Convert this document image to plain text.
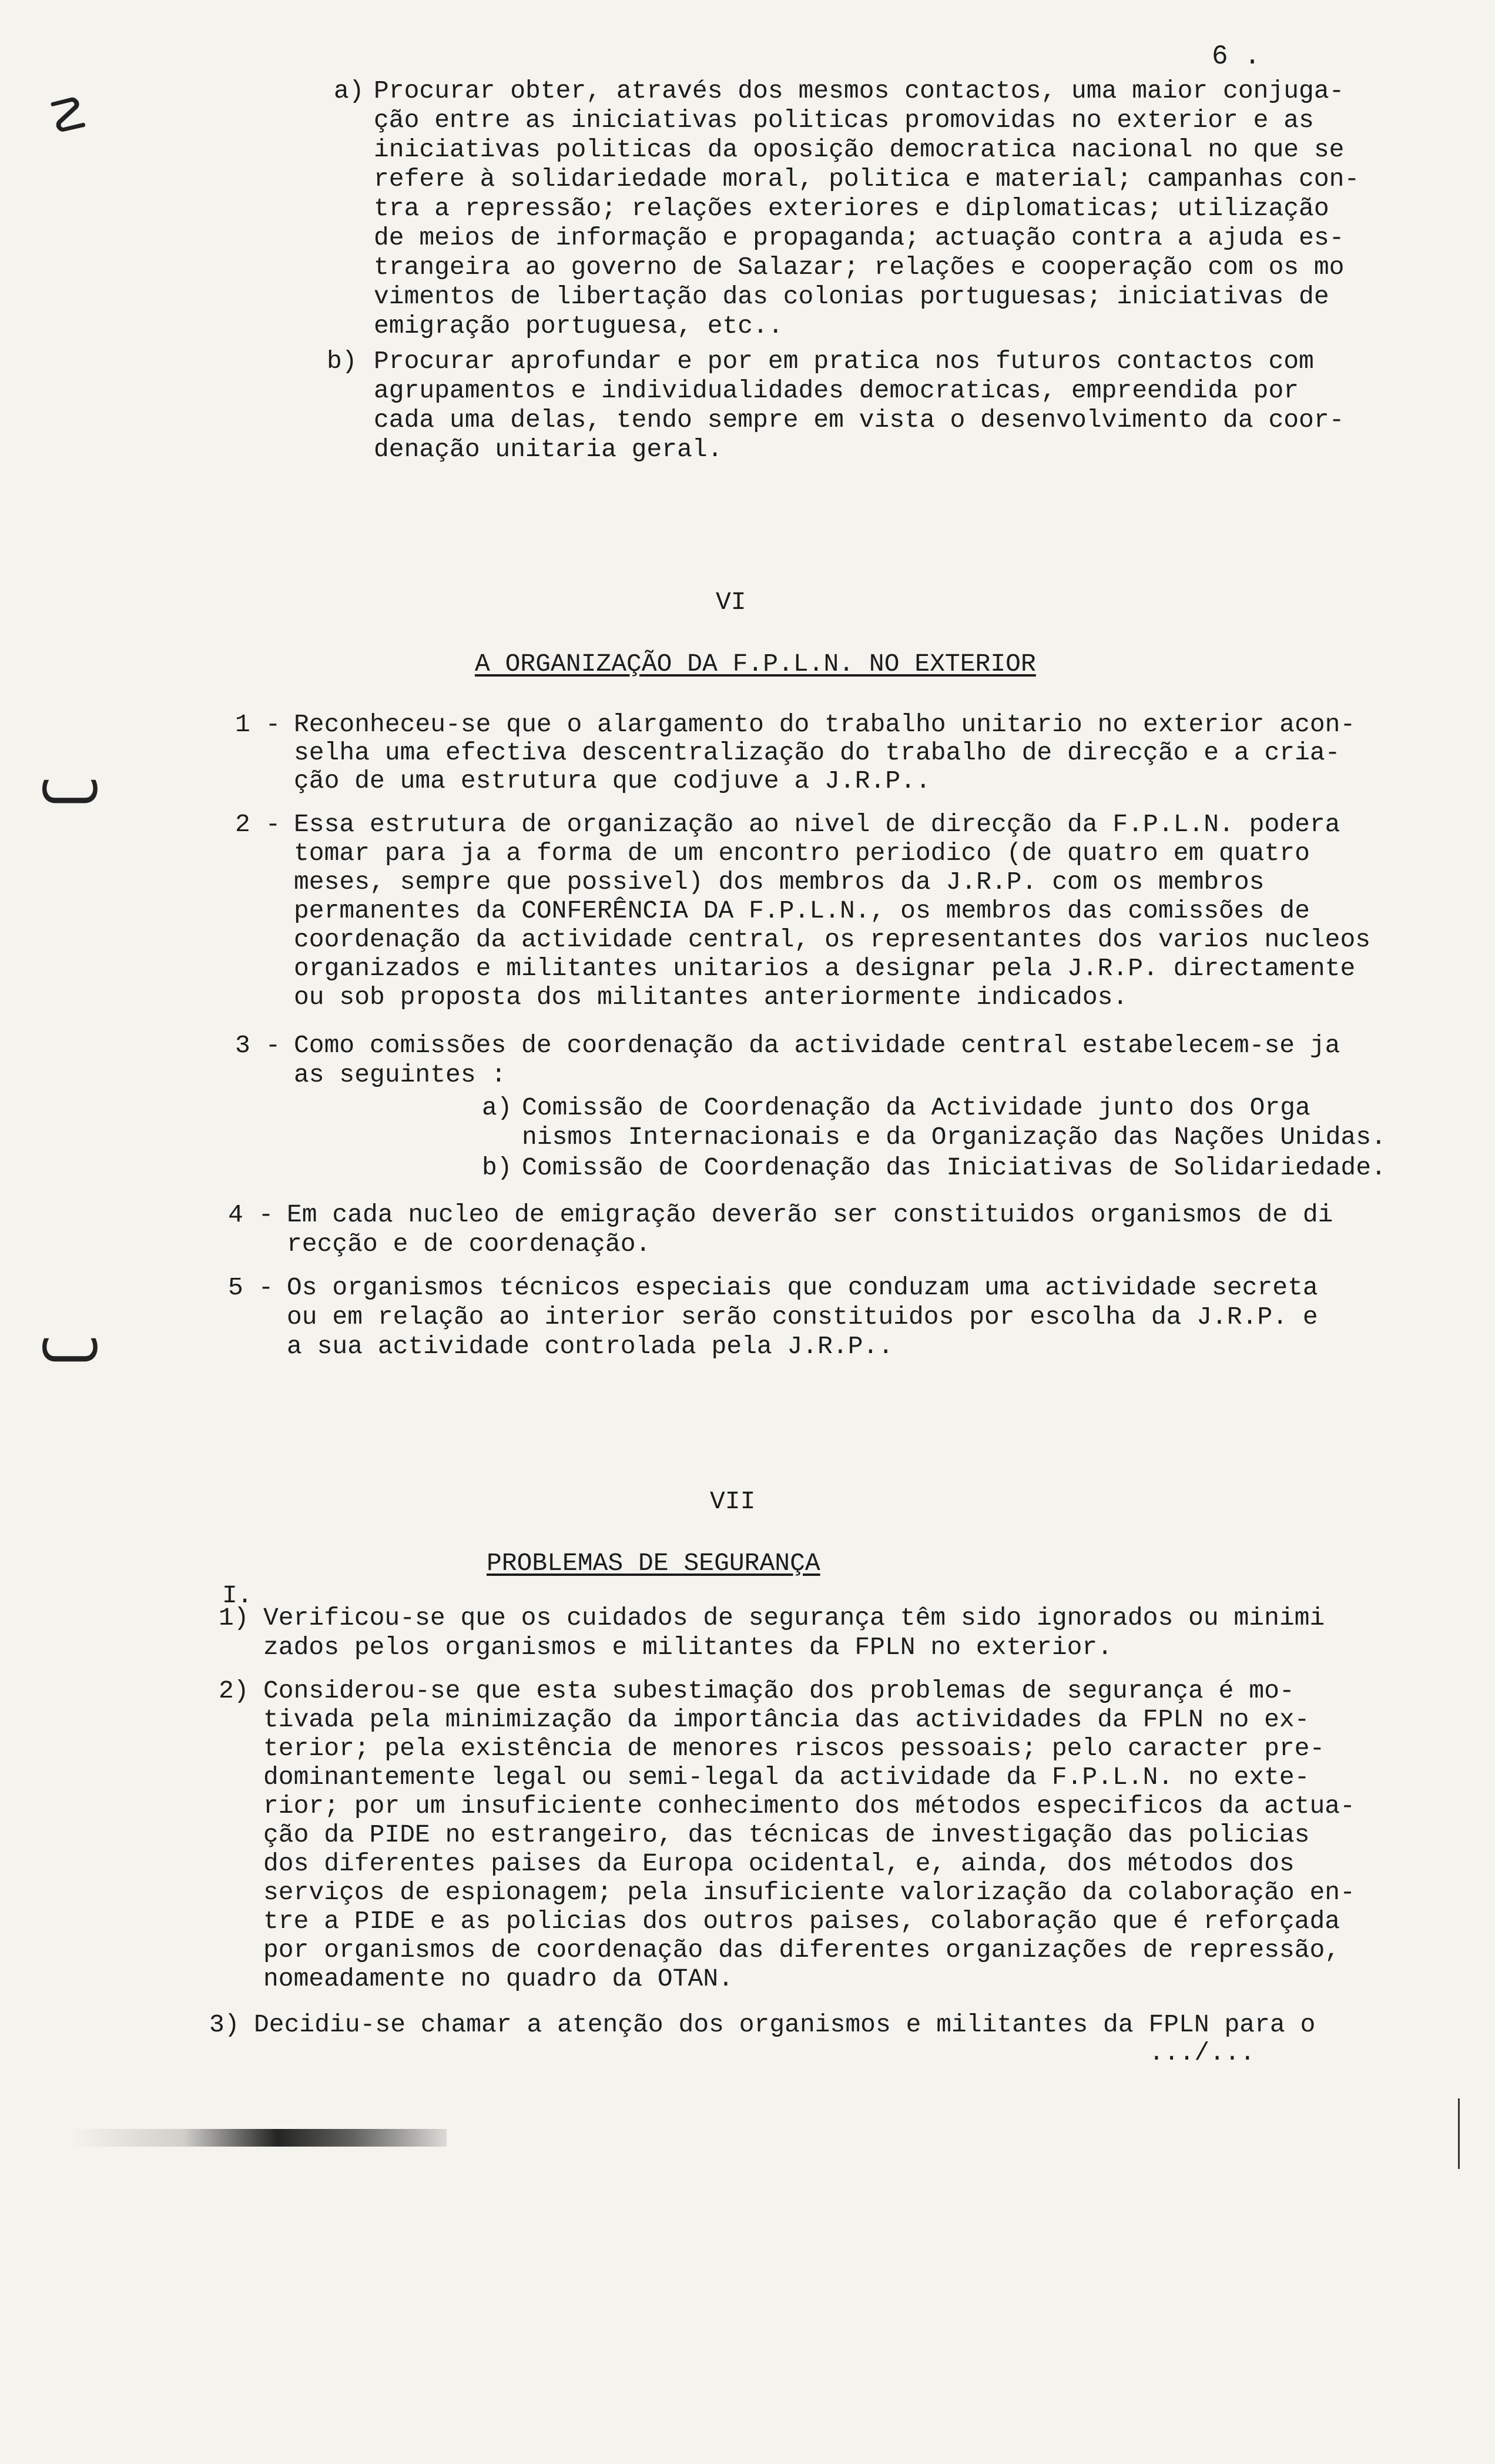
6 .
☡
ʗ
ʗ
a) Procurar obter, através dos mesmos contactos, uma maior conjuga-
ção entre as iniciativas politicas promovidas no exterior e as
iniciativas politicas da oposição democratica nacional no que se
refere à solidariedade moral, politica e material; campanhas con-
tra a repressão; relações exteriores e diplomaticas; utilização
de meios de informação e propaganda; actuação contra a ajuda es-
trangeira ao governo de Salazar; relações e cooperação com os mo
vimentos de libertação das colonias portuguesas; iniciativas de
emigração portuguesa, etc..
b) Procurar aprofundar e por em pratica nos futuros contactos com
agrupamentos e individualidades democraticas, empreendida por
cada uma delas, tendo sempre em vista o desenvolvimento da coor-
denação unitaria geral.
VI
A ORGANIZAÇÃO DA F.P.L.N. NO EXTERIOR
1 - Reconheceu-se que o alargamento do trabalho unitario no exterior acon-
selha uma efectiva descentralização do trabalho de direcção e a cria-
ção de uma estrutura que codjuve a J.R.P..
2 - Essa estrutura de organização ao nivel de direcção da F.P.L.N. podera
tomar para ja a forma de um encontro periodico (de quatro em quatro
meses, sempre que possivel) dos membros da J.R.P. com os membros
permanentes da CONFERÊNCIA DA F.P.L.N., os membros das comissões de
coordenação da actividade central, os representantes dos varios nucleos
organizados e militantes unitarios a designar pela J.R.P. directamente
ou sob proposta dos militantes anteriormente indicados.
3 - Como comissões de coordenação da actividade central estabelecem-se ja
as seguintes :
a) Comissão de Coordenação da Actividade junto dos Orga
nismos Internacionais e da Organização das Nações Unidas.
b) Comissão de Coordenação das Iniciativas de Solidariedade.
4 - Em cada nucleo de emigração deverão ser constituidos organismos de di
recção e de coordenação.
5 - Os organismos técnicos especiais que conduzam uma actividade secreta
ou em relação ao interior serão constituidos por escolha da J.R.P. e
a sua actividade controlada pela J.R.P..
VII
PROBLEMAS DE SEGURANÇA
I.
1) Verificou-se que os cuidados de segurança têm sido ignorados ou minimi
zados pelos organismos e militantes da FPLN no exterior.
2) Considerou-se que esta subestimação dos problemas de segurança é mo-
tivada pela minimização da importância das actividades da FPLN no ex-
terior; pela existência de menores riscos pessoais; pelo caracter pre-
dominantemente legal ou semi-legal da actividade da F.P.L.N. no exte-
rior; por um insuficiente conhecimento dos métodos especificos da actua-
ção da PIDE no estrangeiro, das técnicas de investigação das policias
dos diferentes paises da Europa ocidental, e, ainda, dos métodos dos
serviços de espionagem; pela insuficiente valorização da colaboração en-
tre a PIDE e as policias dos outros paises, colaboração que é reforçada
por organismos de coordenação das diferentes organizações de repressão,
nomeadamente no quadro da OTAN.
3) Decidiu-se chamar a atenção dos organismos e militantes da FPLN para o
.../...
